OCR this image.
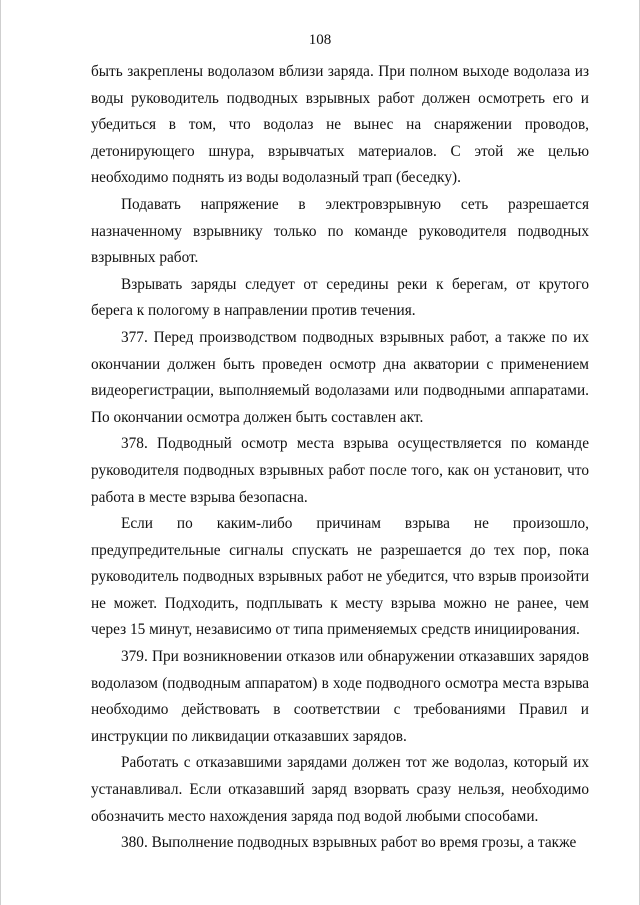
108

быть закреплены водолазом вблизи заряда. При полном выходе водолаза из воды руководитель подводных взрывных работ должен осмотреть его и убедиться в том, что водолаз не вынес на снаряжении проводов, детонирующего шнура, взрывчатых материалов. С этой же целью необходимо поднять из воды водолазный трап (беседку).

Подавать напряжение в электровзрывную сеть разрешается назначенному взрывнику только по команде руководителя подводных взрывных работ.

Взрывать заряды следует от середины реки к берегам, от крутого берега к пологому в направлении против течения.

377. Перед производством подводных взрывных работ, а также по их окончании должен быть проведен осмотр дна акватории с применением видеорегистрации, выполняемый водолазами или подводными аппаратами. По окончании осмотра должен быть составлен акт.

378. Подводный осмотр места взрыва осуществляется по команде руководителя подводных взрывных работ после того, как он установит, что работа в месте взрыва безопасна.

Если по каким-либо причинам взрыва не произошло, предупредительные сигналы спускать не разрешается до тех пор, пока руководитель подводных взрывных работ не убедится, что взрыв произойти не может. Подходить, подплывать к месту взрыва можно не ранее, чем через 15 минут, независимо от типа применяемых средств инициирования.

379. При возникновении отказов или обнаружении отказавших зарядов водолазом (подводным аппаратом) в ходе подводного осмотра места взрыва необходимо действовать в соответствии с требованиями Правил и инструкции по ликвидации отказавших зарядов.

Работать с отказавшими зарядами должен тот же водолаз, который их устанавливал. Если отказавший заряд взорвать сразу нельзя, необходимо обозначить место нахождения заряда под водой любыми способами.

380. Выполнение подводных взрывных работ во время грозы, а также
